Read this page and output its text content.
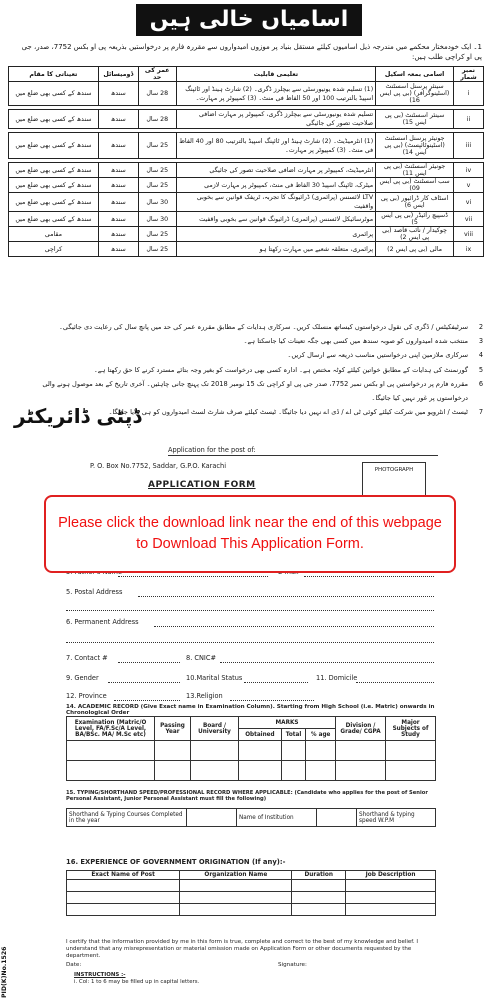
اسامیاں خالی ہیں
1۔ ایک خودمختار محکمے میں مندرجہ ذیل اسامیوں کیلئے مستقل بنیاد پر موزوں امیدواروں سے مقررہ فارم پر درخواستیں بذریعہ پی او بکس 7752، صدر، جی پی او کراچی طلب ہیں:
نمبر شمار	اسامی بمعہ اسکیل	تعلیمی قابلیت	عمر کی حد	ڈومیسائل	تعیناتی کا مقام
i	سینئر پرسنل اسسٹنٹ (اسٹینوگرافر) (بی پی ایس 16)	(1) تسلیم شدہ یونیورسٹی سے بیچلرز ڈگری۔ (2) شارٹ ہینڈ اور ٹائپنگ اسپیڈ بالترتیب 100 اور 50 الفاظ فی منٹ۔ (3) کمپیوٹر پر مہارت۔	28 سال	سندھ	سندھ کے کسی بھی ضلع میں

ii	سینئر اسسٹنٹ (بی پی ایس 15)	تسلیم شدہ یونیورسٹی سے بیچلرز ڈگری، کمپیوٹر پر مہارت اضافی صلاحیت تصور کی جائیگی	28 سال	سندھ	سندھ کے کسی بھی ضلع میں

iii	جونیئر پرسنل اسسٹنٹ (اسٹینوٹائپسٹ) (بی پی ایس 14)	(1) انٹرمیڈیٹ۔ (2) شارٹ ہینڈ اور ٹائپنگ اسپیڈ بالترتیب 80 اور 40 الفاظ فی منٹ۔ (3) کمپیوٹر پر مہارت۔	25 سال	سندھ	سندھ کے کسی بھی ضلع میں

iv	جونیئر اسسٹنٹ (بی پی ایس 11)	انٹرمیڈیٹ، کمپیوٹر پر مہارت اضافی صلاحیت تصور کی جائیگی	25 سال	سندھ	سندھ کے کسی بھی ضلع میں
v	سب اسسٹنٹ (بی پی ایس 09)	میٹرک، ٹائپنگ اسپیڈ 30 الفاظ فی منٹ، کمپیوٹر پر مہارت لازمی	25 سال	سندھ	سندھ کے کسی بھی ضلع میں
vi	اسٹاف کار ڈرائیور (بی پی ایس 6)	LTV لائسنس (پرائمری) ڈرائیونگ کا تجربہ، ٹریفک قوانین سے بخوبی واقفیت	30 سال	سندھ	سندھ کے کسی بھی ضلع میں
vii	ڈسپیچ رائیڈر (بی پی ایس 5)	موٹرسائیکل لائسنس (پرائمری) ڈرائیونگ قوانین سے بخوبی واقفیت	30 سال	سندھ	سندھ کے کسی بھی ضلع میں
viii	چوکیدار / نائب قاصد (بی پی ایس 2)	پرائمری	25 سال	سندھ	مقامی
ix	مالی (بی پی ایس 2)	پرائمری، متعلقہ شعبے میں مہارت رکھتا ہو	25 سال	سندھ	کراچی
2
سرٹیفکیٹس / ڈگری کی نقول درخواستوں کیساتھ منسلک کریں۔ سرکاری ہدایات کے مطابق مقررہ عمر کی حد میں پانچ سال کی رعایت دی جائیگی۔
3
منتخب شدہ امیدواروں کو صوبہ سندھ میں کسی بھی جگہ تعینات کیا جاسکتا ہے۔
4
سرکاری ملازمین اپنی درخواستیں مناسب ذریعہ سے ارسال کریں۔
5
گورنمنٹ کی ہدایات کے مطابق خواتین کیلئے کوٹہ مختص ہے۔ ادارہ کسی بھی درخواست کو بغیر وجہ بتائے مسترد کرنے کا حق رکھتا ہے۔
6
مقررہ فارم پر درخواستیں پی او بکس نمبر 7752، صدر جی پی او کراچی تک 15 نومبر 2018 تک پہنچ جانی چاہئیں۔ آخری تاریخ کے بعد موصول ہونے والی درخواستوں پر غور نہیں کیا جائیگا۔
7
ٹیسٹ / انٹرویو میں شرکت کیلئے کوئی ٹی اے / ڈی اے نہیں دیا جائیگا۔ ٹیسٹ کیلئے صرف شارٹ لسٹ امیدواروں کو ہی بلایا جائیگا۔
ڈپٹی ڈائریکٹر
Application for the post of:
P. O. Box No.7752, Saddar, G.P.O. Karachi
APPLICATION FORM
PHOTOGRAPH
5. Postal Address
6. Permanent Address
7. Contact #	8. CNIC#
9. Gender	10.Marital Status	11. Domicile
12. Province	13.Religion
14. ACADEMIC RECORD (Give Exact name in Examination Column). Starting from High School (i.e. Matric) onwards in Chronological Order
Examination (Matric/O Level, FA/F.Sc/A Level, BA/BSc. MA/ M.Sc etc)	Passing Year	Board / University	MARKS			Division / Grade/ CGPA	Major Subjects of Study
			Obtained	Total	% age		

15. TYPING/SHORTHAND SPEED/PROFESSIONAL RECORD WHERE APPLICABLE: (Candidate who applies for the post of Senior Personal Assistant, Junior Personal Assistant must fill the following)
Shorthand & Typing Courses Completed in the year		Name of Institution		Shorthand & typing speed W.P.M
16. EXPERIENCE OF GOVERNMENT ORIGINATION (If any):-
Exact Name of Post	Organization Name	Duration	Job Description

I certify that the information provided by me in this form is true, complete and correct to the best of my knowledge and belief. I understand that any misrepresentation or material omission made on Application Form or other documents requested by the department.
Date:	Signature:
INSTRUCTIONS :-
i. Col: 1 to 6 may be filled up in capital letters.
PID(K)No.1526
Please click the download link near the end of this webpage to Download This Application Form.
